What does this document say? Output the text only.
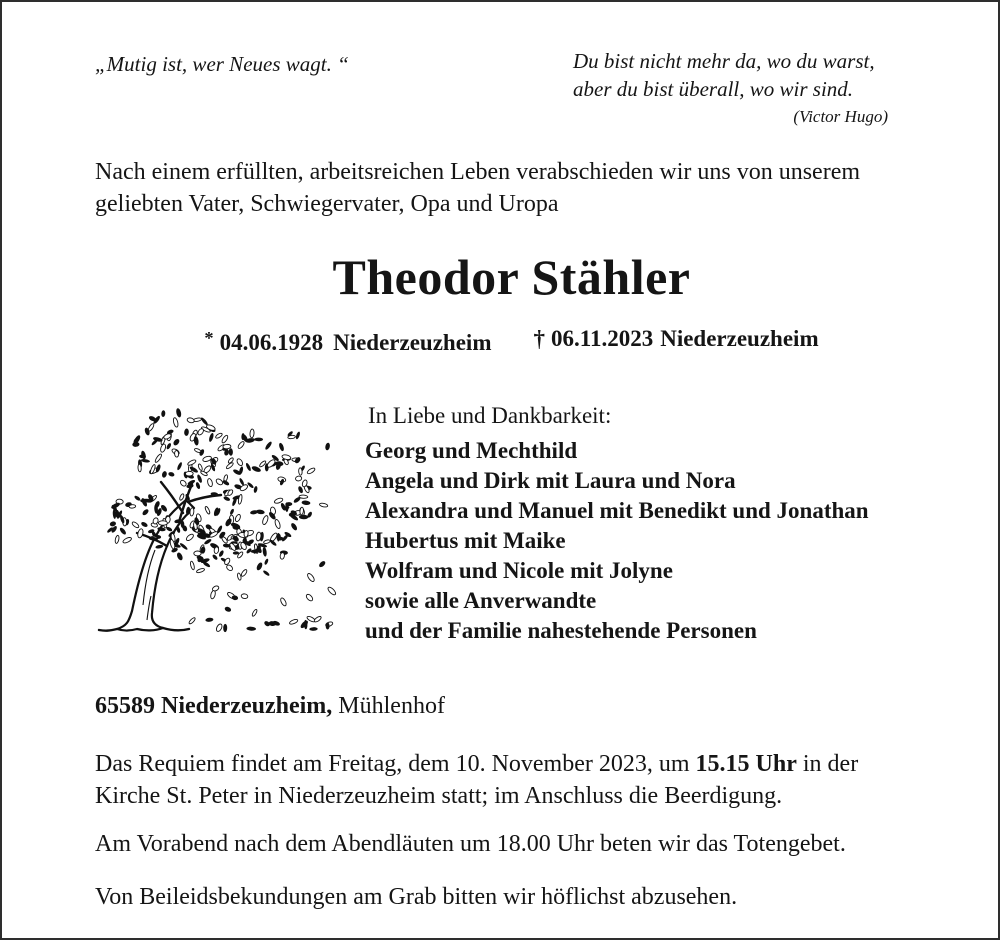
„Mutig ist, wer Neues wagt. “	Du bist nicht mehr da, wo du warst,
aber du bist überall, wo wir sind.
(Victor Hugo)

Nach einem erfüllten, arbeitsreichen Leben verabschieden wir uns von unserem geliebten Vater, Schwiegervater, Opa und Uropa

Theodor Stähler
* 04.06.1928 Niederzeuzheim † 06.11.2023 Niederzeuzheim
In Liebe und Dankbarkeit:
Georg und Mechthild
Angela und Dirk mit Laura und Nora
Alexandra und Manuel mit Benedikt und Jonathan
Hubertus mit Maike
Wolfram und Nicole mit Jolyne
sowie alle Anverwandte
und der Familie nahestehende Personen
65589 Niederzeuzheim, Mühlenhof

Das Requiem findet am Freitag, dem 10. November 2023, um 15.15 Uhr in der Kirche St. Peter in Niederzeuzheim statt; im Anschluss die Beerdigung.

Am Vorabend nach dem Abendläuten um 18.00 Uhr beten wir das Totengebet.

Von Beileidsbekundungen am Grab bitten wir höflichst abzusehen.
